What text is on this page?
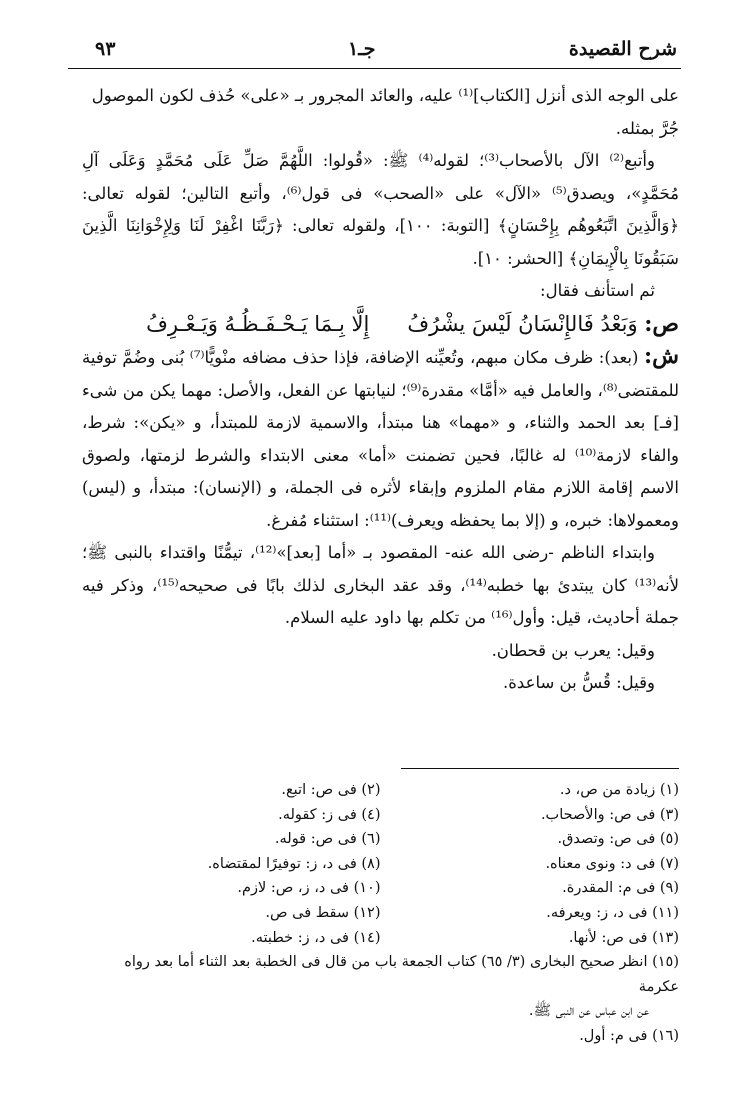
شرح القصيدة
جـ١
٩٣

على الوجه الذى أنزل [الكتاب]⁽¹⁾ عليه، والعائد المجرور بـ «على» حُذف لكون الموصول

جُرَّ بمثله.

وأتبع⁽²⁾ الآل بالأصحاب⁽³⁾؛ لقوله⁽⁴⁾ ﷺ: «قُولوا: اللَّهُمَّ صَلِّ عَلَى مُحَمَّدٍ وَعَلَى آلِ مُحَمَّدٍ»، ويصدق⁽⁵⁾ «الآل» على «الصحب» فى قول⁽⁶⁾، وأتبع التالين؛ لقوله تعالى: ﴿وَالَّذِينَ اتَّبَعُوهُم بِإِحْسَانٍ﴾ [التوبة: ١٠٠]، ولقوله تعالى: ﴿رَبَّنَا اغْفِرْ لَنَا وَلِإِخْوَانِنَا الَّذِينَ سَبَقُونَا بِالْإِيمَانِ﴾ [الحشر: ١٠].

ثم استأنف فقال:

ص: وَبَعْدُ فَالإِنْسَانُ لَيْسَ يشْرُفُإِلَّا بِـمَا يَـحْـفَـظُـهُ وَيَـعْـرِفُ

ش: (بعد): ظرف مكان مبهم، وتُعيِّنه الإضافة، فإذا حذف مضافه منْويًّا⁽⁷⁾ بُنى وضُمَّ توفية للمقتضى⁽⁸⁾، والعامل فيه «أمَّا» مقدرة⁽⁹⁾؛ لنيابتها عن الفعل، والأصل: مهما يكن من شىء [فـ] بعد الحمد والثناء، و «مهما» هنا مبتدأ، والاسمية لازمة للمبتدأ، و «يكن»: شرط، والفاء لازمة⁽¹⁰⁾ له غالبًا، فحين تضمنت «أما» معنى الابتداء والشرط لزمتها، ولصوق الاسم إقامة اللازم مقام الملزوم وإبقاء لأثره فى الجملة، و (الإنسان): مبتدأ، و (ليس) ومعمولاها: خبره، و (إلا بما يحفظه ويعرف)⁽¹¹⁾: استثناء مُفرغ.

وابتداء الناظم -رضى الله عنه- المقصود بـ «أما [بعد]»⁽¹²⁾، تيمُّنًا واقتداء بالنبى ﷺ؛ لأنه⁽¹³⁾ كان يبتدئ بها خطبه⁽¹⁴⁾، وقد عقد البخارى لذلك بابًا فى صحيحه⁽¹⁵⁾، وذكر فيه جملة أحاديث، قيل: وأول⁽¹⁶⁾ من تكلم بها داود عليه السلام.

وقيل: يعرب بن قحطان.

وقيل: قُسُّ بن ساعدة.

(١) زيادة من ص، د.
(٢) فى ص: اتبع.
(٣) فى ص: والأصحاب.
(٤) فى ز: كقوله.
(٥) فى ص: وتصدق.
(٦) فى ص: قوله.
(٧) فى د: ونوى معناه.
(٨) فى د، ز: توفيرًا لمقتضاه.
(٩) فى م: المقدرة.
(١٠) فى د، ز، ص: لازم.
(١١) فى د، ز: ويعرفه.
(١٢) سقط فى ص.
(١٣) فى ص: لأنها.
(١٤) فى د، ز: خطبته.
(١٥) انظر صحيح البخارى (٣/ ٦٥) كتاب الجمعة باب من قال فى الخطبة بعد الثناء أما بعد رواه عكرمة
عن ابن عباس عن النبى ﷺ.
(١٦) فى م: أول.
